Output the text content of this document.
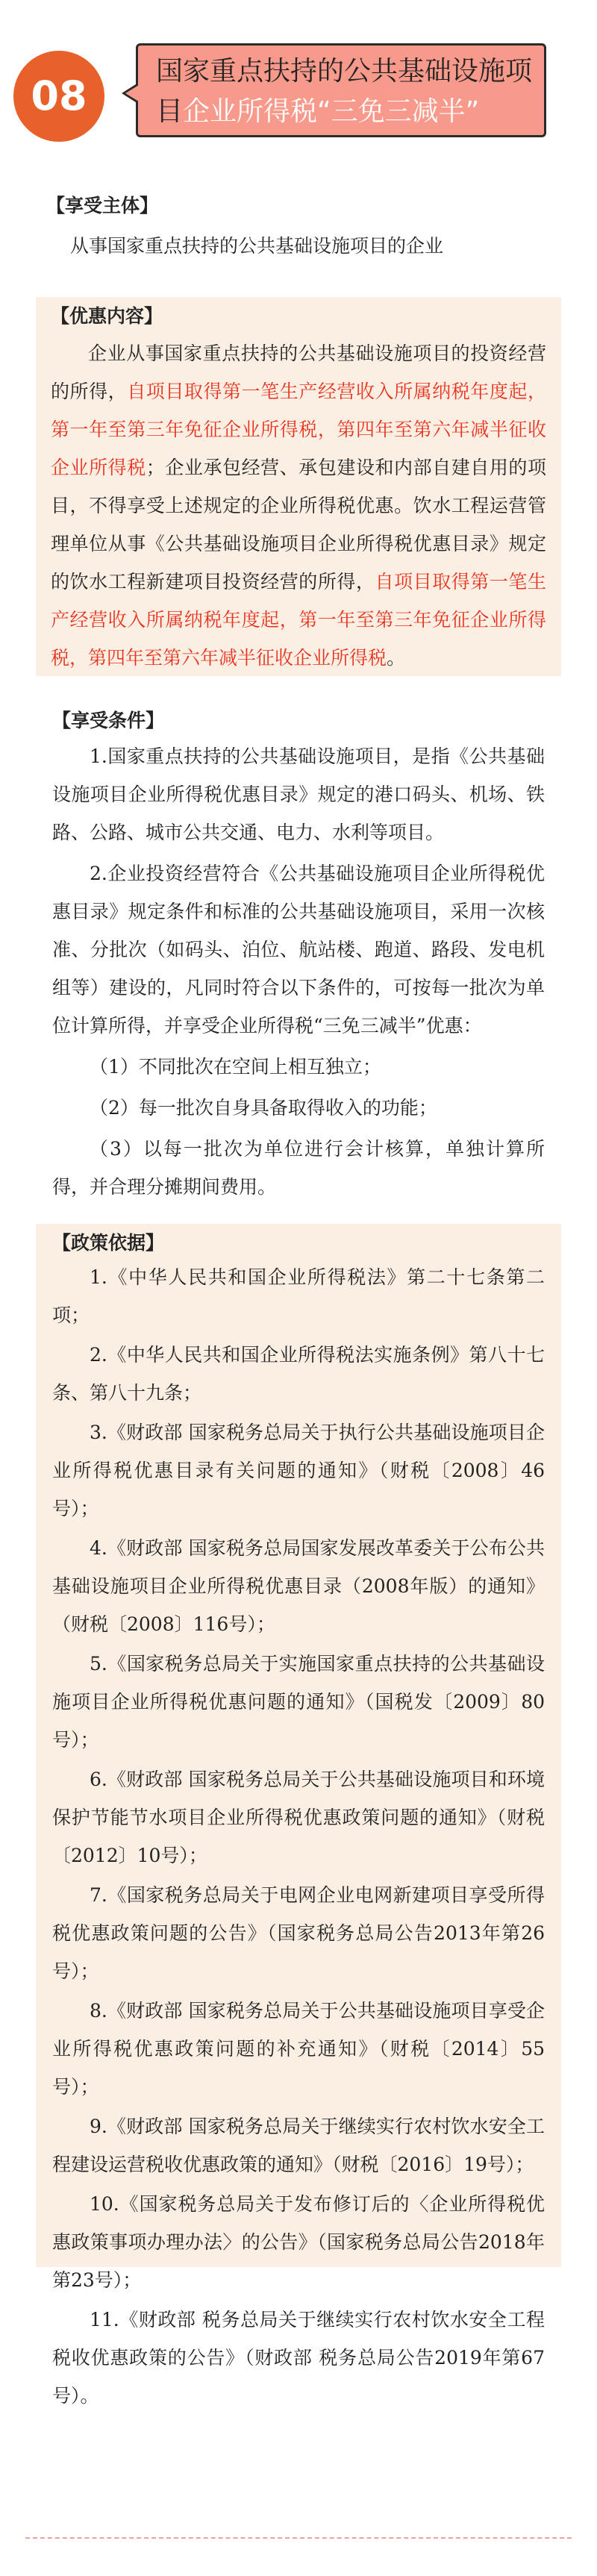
08
国家重点扶持的公共基础设施项
目企业所得税“三免三减半”
【享受主体】

从事国家重点扶持的公共基础设施项目的企业

【优惠内容】

企业从事国家重点扶持的公共基础设施项目的投资经营的所得，自项目取得第一笔生产经营收入所属纳税年度起，第一年至第三年免征企业所得税，第四年至第六年减半征收企业所得税；企业承包经营、承包建设和内部自建自用的项目，不得享受上述规定的企业所得税优惠。饮水工程运营管理单位从事《公共基础设施项目企业所得税优惠目录》规定的饮水工程新建项目投资经营的所得，自项目取得第一笔生产经营收入所属纳税年度起，第一年至第三年免征企业所得税，第四年至第六年减半征收企业所得税。

【享受条件】

1.国家重点扶持的公共基础设施项目，是指《公共基础设施项目企业所得税优惠目录》规定的港口码头、机场、铁路、公路、城市公共交通、电力、水利等项目。

2.企业投资经营符合《公共基础设施项目企业所得税优惠目录》规定条件和标准的公共基础设施项目，采用一次核准、分批次（如码头、泊位、航站楼、跑道、路段、发电机组等）建设的，凡同时符合以下条件的，可按每一批次为单位计算所得，并享受企业所得税“三免三减半”优惠：

（1）不同批次在空间上相互独立；

（2）每一批次自身具备取得收入的功能；

（3）以每一批次为单位进行会计核算，单独计算所得，并合理分摊期间费用。

【政策依据】

1.《中华人民共和国企业所得税法》第二十七条第二项；

2.《中华人民共和国企业所得税法实施条例》第八十七条、第八十九条；

3.《财政部 国家税务总局关于执行公共基础设施项目企业所得税优惠目录有关问题的通知》（财税〔2008〕46号）；

4.《财政部 国家税务总局国家发展改革委关于公布公共基础设施项目企业所得税优惠目录（2008年版）的通知》（财税〔2008〕116号）；

5.《国家税务总局关于实施国家重点扶持的公共基础设施项目企业所得税优惠问题的通知》（国税发〔2009〕80号）；

6.《财政部 国家税务总局关于公共基础设施项目和环境保护节能节水项目企业所得税优惠政策问题的通知》（财税〔2012〕10号）；

7.《国家税务总局关于电网企业电网新建项目享受所得税优惠政策问题的公告》（国家税务总局公告2013年第26号）；

8.《财政部 国家税务总局关于公共基础设施项目享受企业所得税优惠政策问题的补充通知》（财税〔2014〕55号）；

9.《财政部 国家税务总局关于继续实行农村饮水安全工程建设运营税收优惠政策的通知》（财税〔2016〕19号）；

10.《国家税务总局关于发布修订后的〈企业所得税优惠政策事项办理办法〉的公告》（国家税务总局公告2018年第23号）；

11.《财政部 税务总局关于继续实行农村饮水安全工程税收优惠政策的公告》（财政部 税务总局公告2019年第67号）。
